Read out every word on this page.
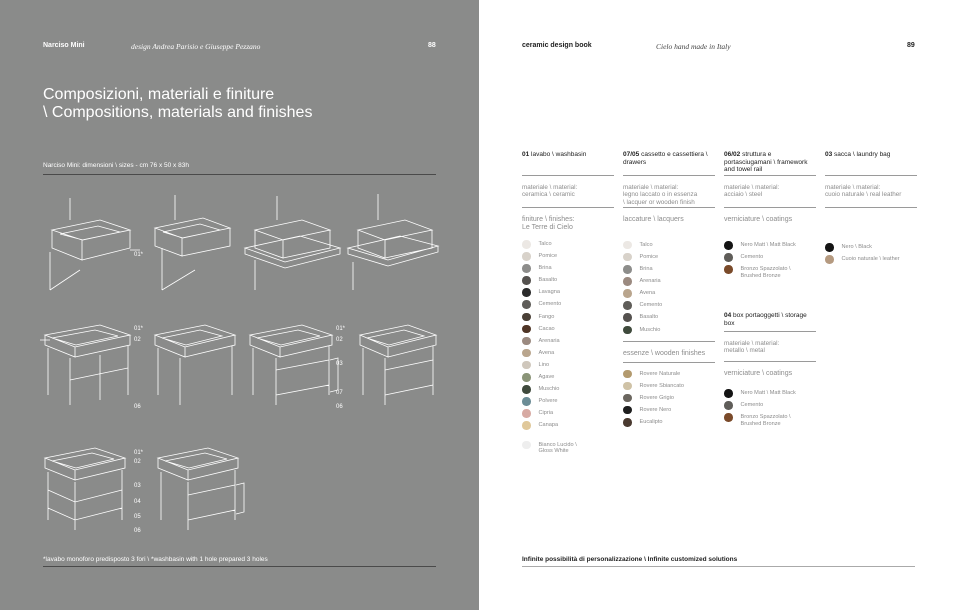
Narciso Mini	design Andrea Parisio e Giuseppe Pezzano	88
Composizioni, materiali e finiture
\ Compositions, materials and finishes
Narciso Mini: dimensioni \ sizes - cm 76 x 50 x 83h
01*
01*
02
01*
02
03
07
06	06
01*
02
03
04
05
06
*lavabo monoforo predisposto 3 fori \ *washbasin with 1 hole prepared 3 holes
ceramic design book	Cielo hand made in Italy	89
01 lavabo \ washbasin
materiale \ material:
ceramica \ ceramic
finiture \ finishes:
Le Terre di Cielo
Talco
Pomice
Brina
Basalto
Lavagna
Cemento
Fango
Cacao
Arenaria
Avena
Lino
Agave
Muschio
Polvere
Cipria
Canapa
Bianco Lucido \
Gloss White
07/05 cassetto e cassettiera \ drawers
materiale \ material:
legno laccato o in essenza
\ lacquer or wooden finish
laccature \ lacquers
Talco
Pomice
Brina
Arenaria
Avena
Cemento
Basalto
Muschio
essenze \ wooden finishes
Rovere Naturale
Rovere Sbiancato
Rovere Grigio
Rovere Nero
Eucalipto
06/02 struttura e portasciugamani \ framework and towel rail
materiale \ material:
acciaio \ steel
verniciature \ coatings
Nero Matt \ Matt Black
Cemento
Bronzo Spazzolato \
Brushed Bronze
04 box portaoggetti \ storage box
materiale \ material:
metallo \ metal
verniciature \ coatings
Nero Matt \ Matt Black
Cemento
Bronzo Spazzolato \
Brushed Bronze
03 sacca \ laundry bag
materiale \ material:
cuoio naturale \ real leather
Nero \ Black
Cuoio naturale \ leather
Infinite possibilità di personalizzazione \ Infinite customized solutions
